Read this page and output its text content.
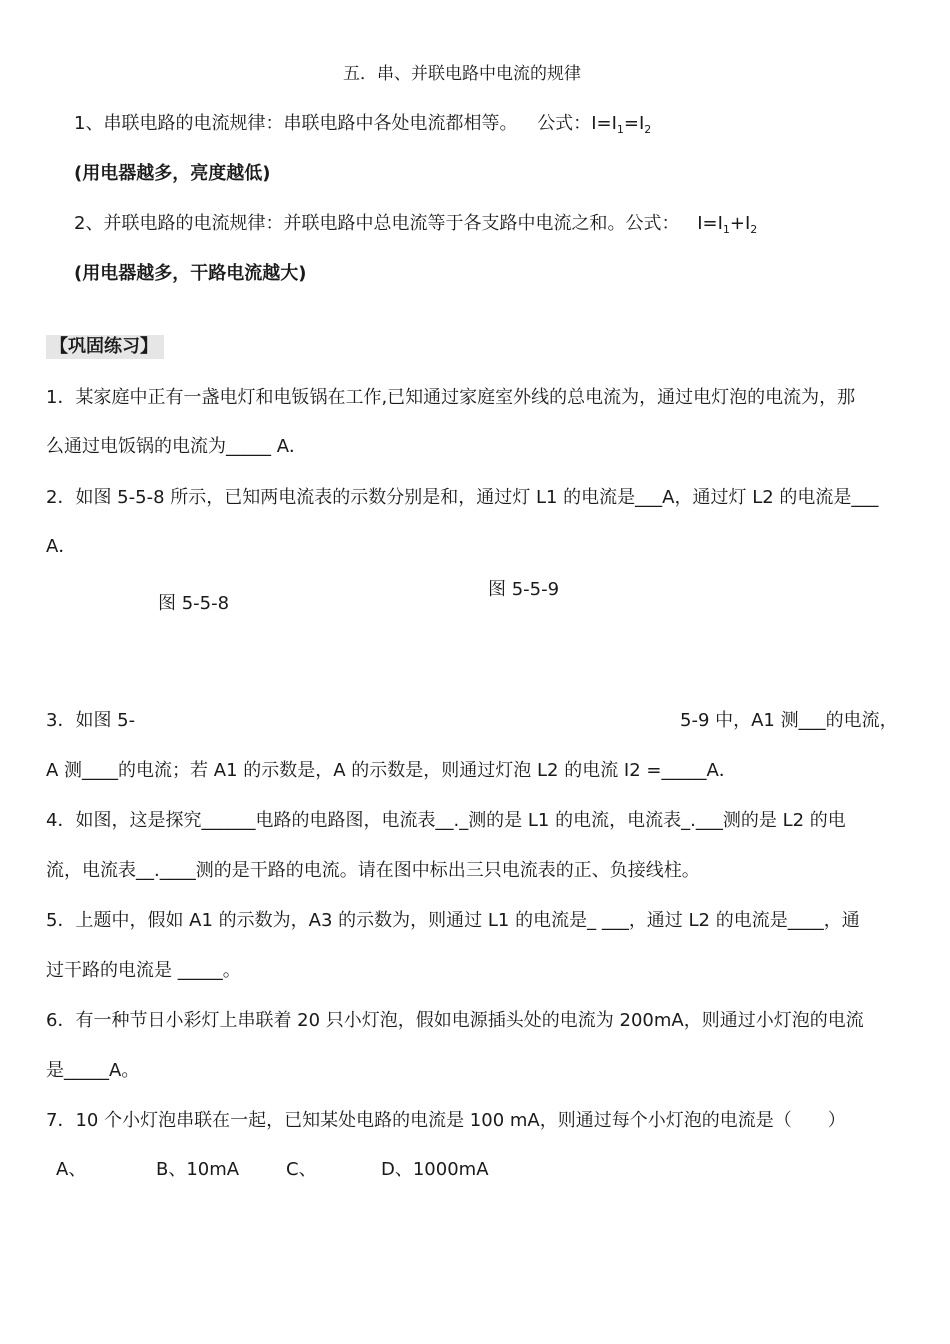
五．串、并联电路中电流的规律
1、串联电路的电流规律：串联电路中各处电流都相等。 公式：$I=I_1=I_2$
(用电器越多，亮度越低)
2、并联电路的电流规律：并联电路中总电流等于各支路中电流之和。公式： $I=I_1+I_2$
(用电器越多，干路电流越大)
【巩固练习】
1．某家庭中正有一盏电灯和电钣锅在工作,已知通过家庭室外线的总电流为，通过电灯泡的电流为，那
么通过电饭锅的电流为_____ A．
2．如图 5-5-8 所示，已知两电流表的示数分别是和，通过灯 L1 的电流是___A，通过灯 L2 的电流是___
A．
图 5-5-8
图 5-5-9
3．如图 5-	5-9 中，A1 测___的电流，
A 测____的电流；若 A1 的示数是，A 的示数是，则通过灯泡 L2 的电流 I2 =_____A．
4．如图，这是探究______电路的电路图，电流表__._测的是 L1 的电流，电流表_.___测的是 L2 的电
流，电流表__.____测的是干路的电流。请在图中标出三只电流表的正、负接线柱。
5．上题中，假如 A1 的示数为，A3 的示数为，则通过 L1 的电流是_ ___，通过 L2 的电流是____，通
过干路的电流是 _____。
6．有一种节日小彩灯上串联着 20 只小灯泡，假如电源插头处的电流为 200mA，则通过小灯泡的电流
是_____A。
7．10 个小灯泡串联在一起，已知某处电路的电流是 100 mA，则通过每个小灯泡的电流是（　　）
A、	B、10mA	C、	D、1000mA
